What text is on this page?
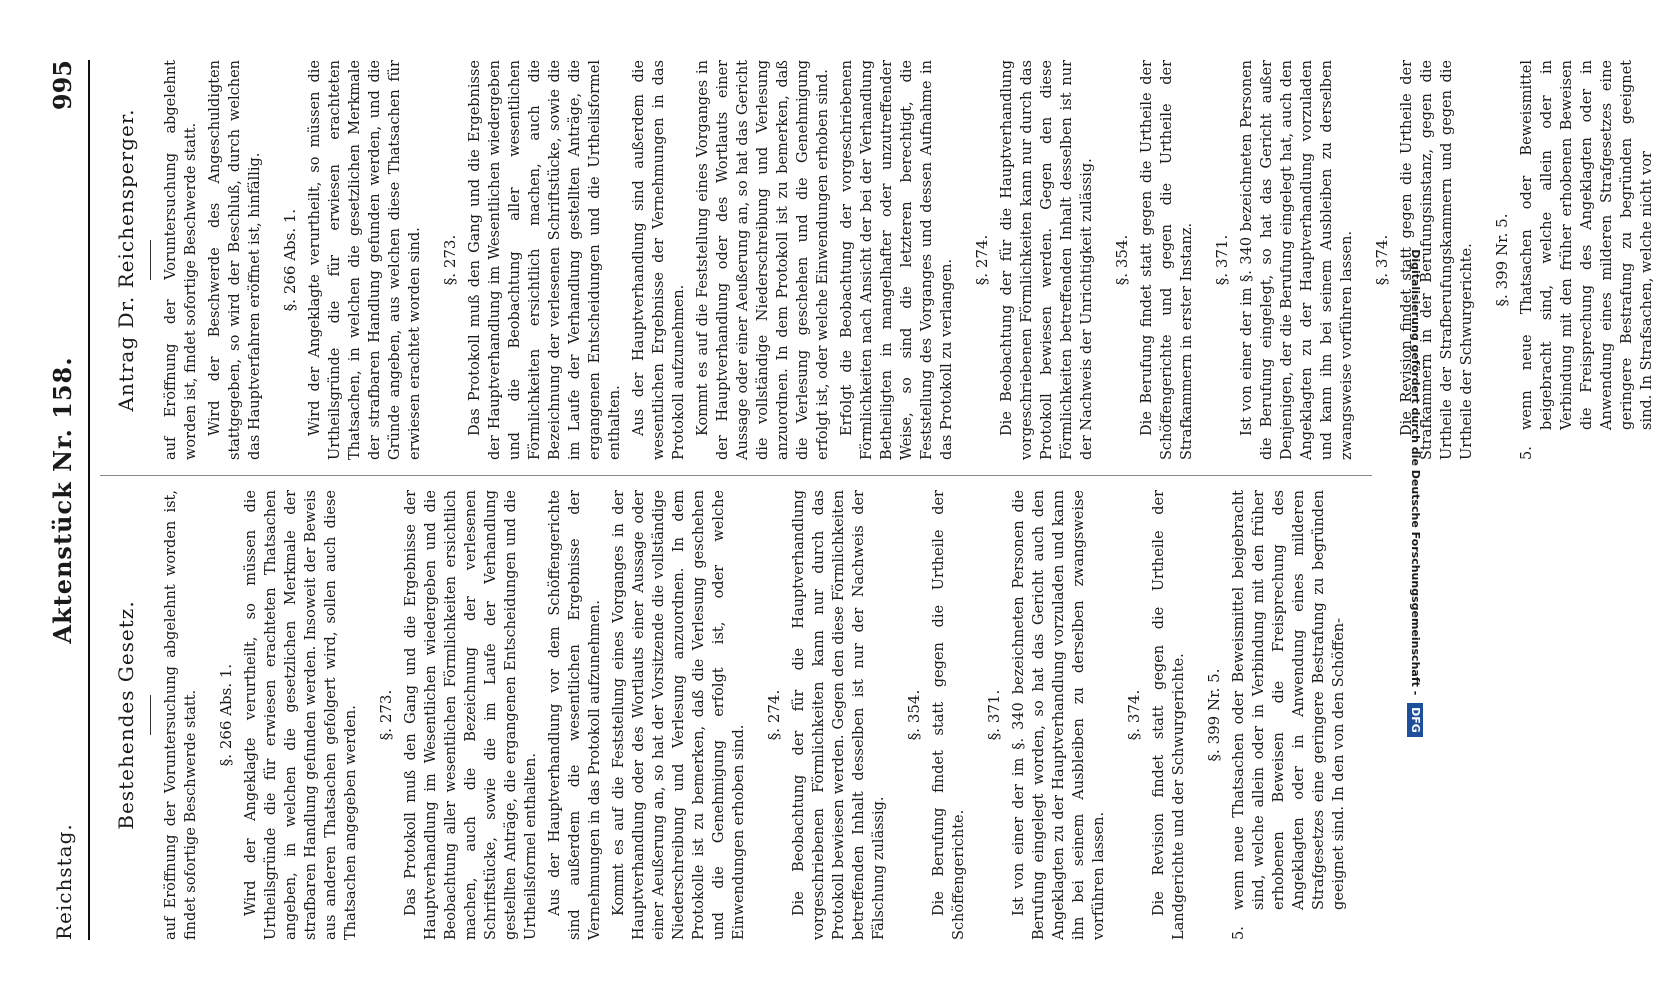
Reichstag.
Aktenstück Nr. 158.
995
Bestehendes Gesetz. auf Eröffnung der Voruntersuchung abgelehnt worden ist, findet sofortige Beschwerde statt. §. 266 Abs. 1. Wird der Angeklagte verurtheilt, so müssen die Urtheilsgründe die für erwiesen erachteten Thatsachen angeben, in welchen die gesetzlichen Merkmale der strafbaren Handlung gefunden werden. Insoweit der Beweis aus anderen Thatsachen gefolgert wird, sollen auch diese Thatsachen angegeben werden. §. 273. Das Protokoll muß den Gang und die Ergebnisse der Hauptverhandlung im Wesentlichen wiedergeben und die Beobachtung aller wesentlichen Förmlichkeiten ersichtlich machen, auch die Bezeichnung der verlesenen Schriftstücke, sowie die im Laufe der Verhandlung gestellten Anträge, die ergangenen Entscheidungen und die Urtheilsformel enthalten. Aus der Hauptverhandlung vor dem Schöffengerichte sind außerdem die wesentlichen Ergebnisse der Vernehmungen in das Protokoll aufzunehmen. Kommt es auf die Feststellung eines Vorganges in der Hauptverhandlung oder des Wortlauts einer Aussage oder einer Aeußerung an, so hat der Vorsitzende die vollständige Niederschreibung und Verlesung anzuordnen. In dem Protokolle ist zu bemerken, daß die Verlesung geschehen und die Genehmigung erfolgt ist, oder welche Einwendungen erhoben sind.

§. 274. Die Beobachtung der für die Hauptverhandlung vorgeschriebenen Förmlichkeiten kann nur durch das Protokoll bewiesen werden. Gegen den diese Förmlichkeiten betreffenden Inhalt desselben ist nur der Nachweis der Fälschung zulässig.

§. 354. Die Berufung findet statt gegen die Urtheile der Schöffengerichte.

§. 371. Ist von einer der im §. 340 bezeichneten Personen die Berufung eingelegt worden, so hat das Gericht auch den Angeklagten zu der Hauptverhandlung vorzuladen und kann ihn bei seinem Ausbleiben zu derselben zwangsweise vorführen lassen.

§. 374. Die Revision findet statt gegen die Urtheile der Landgerichte und der Schwurgerichte. §. 399 Nr. 5.
5.
wenn neue Thatsachen oder Beweismittel beigebracht sind, welche allein oder in Verbindung mit den früher erhobenen Beweisen die Freisprechung des Angeklagten oder in Anwendung eines milderen Strafgesetzes eine geringere Bestrafung zu begründen geeignet sind. In den von den Schöffen-
Antrag Dr. Reichensperger. auf Eröffnung der Voruntersuchung abgelehnt worden ist, findet sofortige Beschwerde statt. Wird der Beschwerde des Angeschuldigten stattgegeben, so wird der Beschluß, durch welchen das Hauptverfahren eröffnet ist, hinfällig. §. 266 Abs. 1. Wird der Angeklagte verurtheilt, so müssen die Urtheilsgründe die für erwiesen erachteten Thatsachen, in welchen die gesetzlichen Merkmale der strafbaren Handlung gefunden werden, und die Gründe angeben, aus welchen diese Thatsachen für erwiesen erachtet worden sind. §. 273. Das Protokoll muß den Gang und die Ergebnisse der Hauptverhandlung im Wesentlichen wiedergeben und die Beobachtung aller wesentlichen Förmlichkeiten ersichtlich machen, auch die Bezeichnung der verlesenen Schriftstücke, sowie die im Laufe der Verhandlung gestellten Anträge, die ergangenen Entscheidungen und die Urtheilsformel enthalten. Aus der Hauptverhandlung sind außerdem die wesentlichen Ergebnisse der Vernehmungen in das Protokoll aufzunehmen. Kommt es auf die Feststellung eines Vorganges in der Hauptverhandlung oder des Wortlauts einer Aussage oder einer Aeußerung an, so hat das Gericht die vollständige Niederschreibung und Verlesung anzuordnen. In dem Protokoll ist zu bemerken, daß die Verlesung geschehen und die Genehmigung erfolgt ist, oder welche Einwendungen erhoben sind. Erfolgt die Beobachtung der vorgeschriebenen Förmlichkeiten nach Ansicht der bei der Verhandlung Betheiligten in mangelhafter oder unzutreffender Weise, so sind die letzteren berechtigt, die Feststellung des Vorganges und dessen Aufnahme in das Protokoll zu verlangen. §. 274. Die Beobachtung der für die Hauptverhandlung vorgeschriebenen Förmlichkeiten kann nur durch das Protokoll bewiesen werden. Gegen den diese Förmlichkeiten betreffenden Inhalt desselben ist nur der Nachweis der Unrichtigkeit zulässig. §. 354. Die Berufung findet statt gegen die Urtheile der Schöffengerichte und gegen die Urtheile der Strafkammern in erster Instanz. §. 371. Ist von einer der im §. 340 bezeichneten Personen die Berufung eingelegt, so hat das Gericht außer Denjenigen, der die Berufung eingelegt hat, auch den Angeklagten zu der Hauptverhandlung vorzuladen und kann ihn bei seinem Ausbleiben zu derselben zwangsweise vorführen lassen. §. 374. Die Revision findet statt gegen die Urtheile der Strafkammern in der Berufungsinstanz, gegen die Urtheile der Strafberufungskammern und gegen die Urtheile der Schwurgerichte. §. 399 Nr. 5.
5.
wenn neue Thatsachen oder Beweismittel beigebracht sind, welche allein oder in Verbindung mit den früher erhobenen Beweisen die Freisprechung des Angeklagten oder in Anwendung eines milderen Strafgesetzes eine geringere Bestrafung zu begründen geeignet sind. In Strafsachen, welche nicht vor
Digitalisierung gefördert durch die Deutsche Forschungsgemeinschaft - DFG
